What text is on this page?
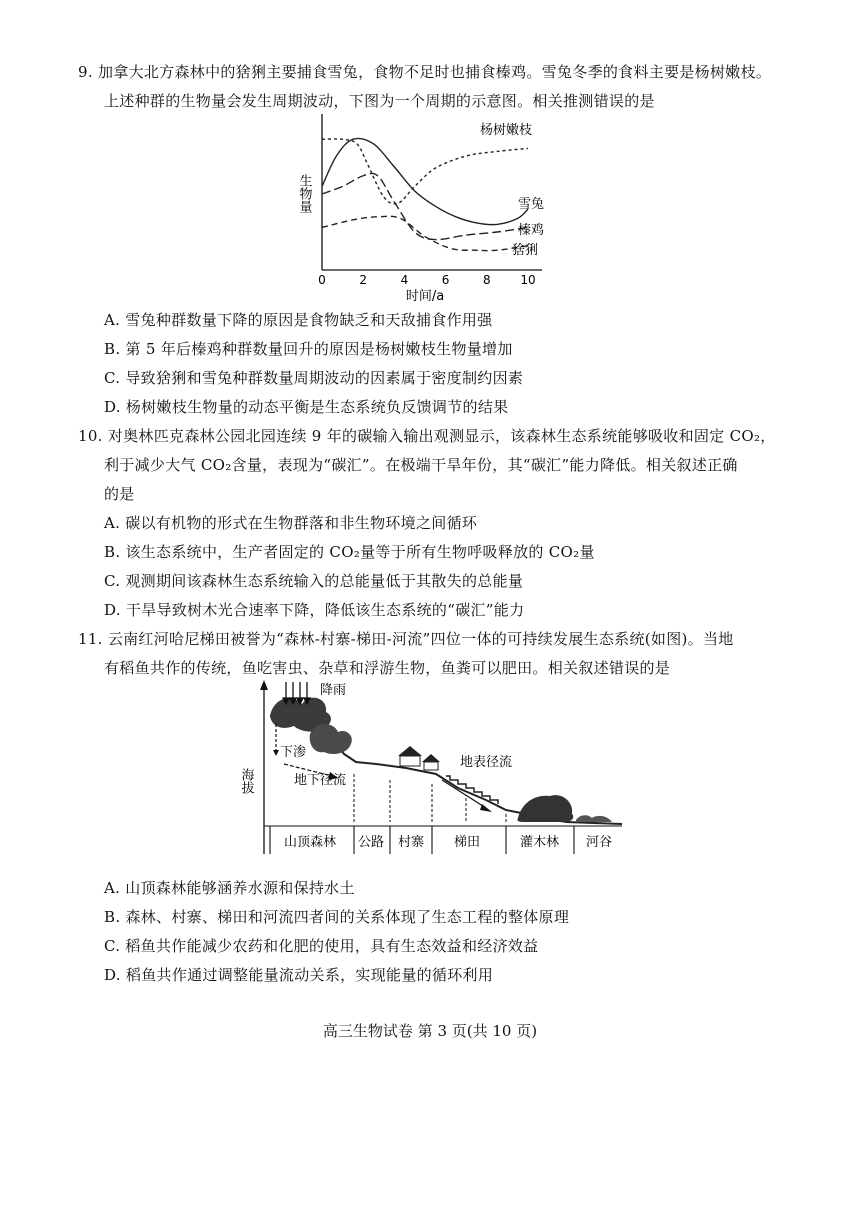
9. 加拿大北方森林中的猞猁主要捕食雪兔，食物不足时也捕食榛鸡。雪兔冬季的食料主要是杨树嫩枝。
上述种群的生物量会发生周期波动，下图为一个周期的示意图。相关推测错误的是
生物量
0	2	4	6	8 10
时间/a
杨树嫩枝
雪兔
榛鸡
猞猁
A. 雪兔种群数量下降的原因是食物缺乏和天敌捕食作用强
B. 第 5 年后榛鸡种群数量回升的原因是杨树嫩枝生物量增加
C. 导致猞猁和雪兔种群数量周期波动的因素属于密度制约因素
D. 杨树嫩枝生物量的动态平衡是生态系统负反馈调节的结果
10. 对奥林匹克森林公园北园连续 9 年的碳输入输出观测显示，该森林生态系统能够吸收和固定 CO₂，
利于减少大气 CO₂含量，表现为“碳汇”。在极端干旱年份，其“碳汇”能力降低。相关叙述正确
的是
A. 碳以有机物的形式在生物群落和非生物环境之间循环
B. 该生态系统中，生产者固定的 CO₂量等于所有生物呼吸释放的 CO₂量
C. 观测期间该森林生态系统输入的总能量低于其散失的总能量
D. 干旱导致树木光合速率下降，降低该生态系统的“碳汇”能力
11. 云南红河哈尼梯田被誉为“森林-村寨-梯田-河流”四位一体的可持续发展生态系统(如图)。当地
有稻鱼共作的传统，鱼吃害虫、杂草和浮游生物，鱼粪可以肥田。相关叙述错误的是
海拔
降雨
下渗
地下径流
地表径流
山顶森林 公路 村寨 梯田	灌木林 河谷
A. 山顶森林能够涵养水源和保持水土
B. 森林、村寨、梯田和河流四者间的关系体现了生态工程的整体原理
C. 稻鱼共作能减少农药和化肥的使用，具有生态效益和经济效益
D. 稻鱼共作通过调整能量流动关系，实现能量的循环利用
高三生物试卷 第 3 页(共 10 页)
